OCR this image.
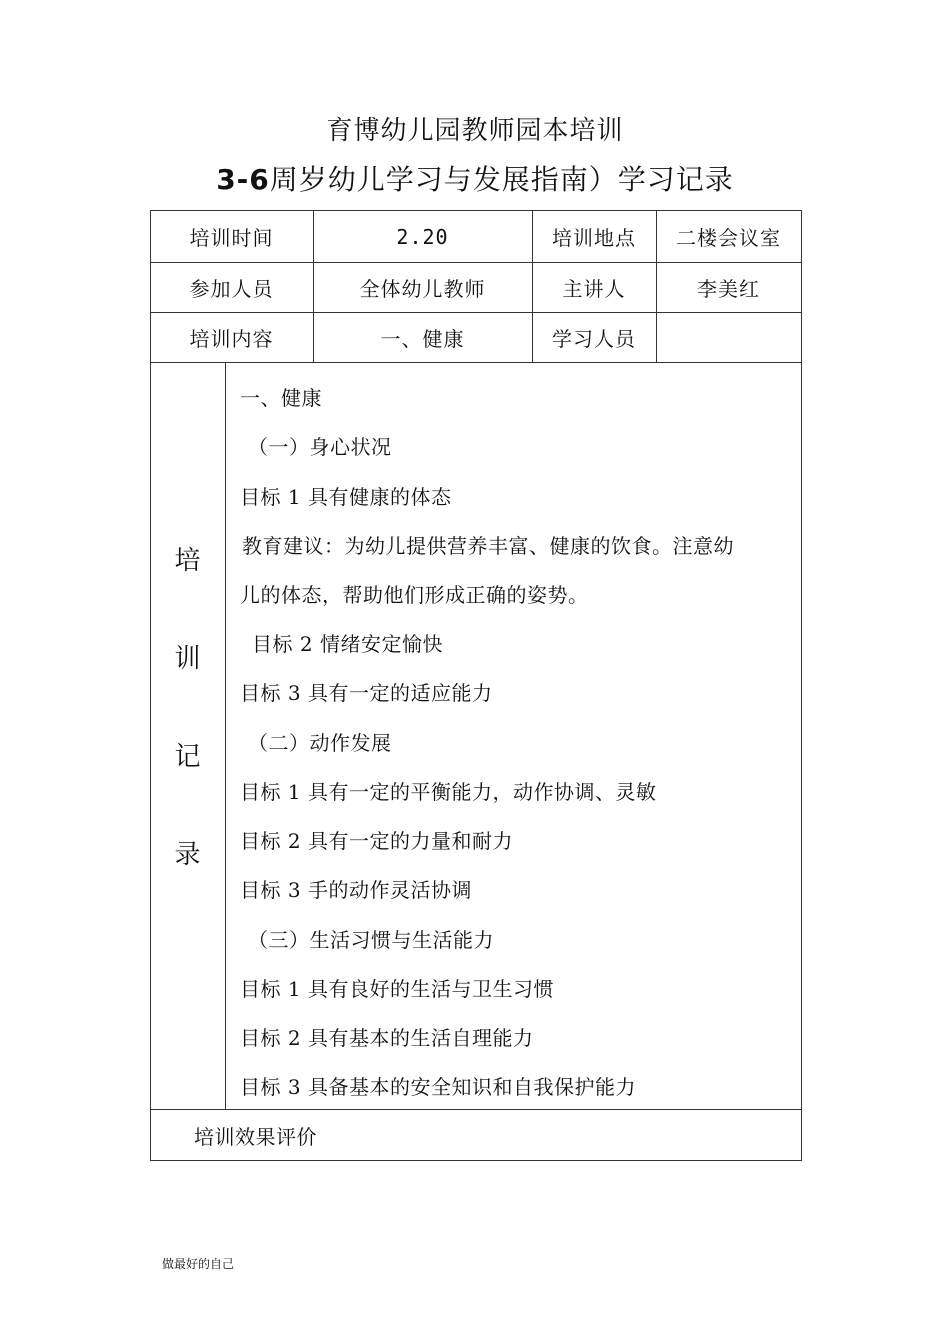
育博幼儿园教师园本培训
3-6周岁幼儿学习与发展指南）学习记录
培训时间	2.20	培训地点	二楼会议室
参加人员	全体幼儿教师	主讲人	李美红
培训内容	一、健康	学习人员
培
训
记
录
一、健康
（一）身心状况
目标 1 具有健康的体态
教育建议：为幼儿提供营养丰富、健康的饮食。注意幼
儿的体态，帮助他们形成正确的姿势。
目标 2 情绪安定愉快
目标 3 具有一定的适应能力
（二）动作发展
目标 1 具有一定的平衡能力，动作协调、灵敏
目标 2 具有一定的力量和耐力
目标 3 手的动作灵活协调
（三）生活习惯与生活能力
目标 1 具有良好的生活与卫生习惯
目标 2 具有基本的生活自理能力
目标 3 具备基本的安全知识和自我保护能力
培训效果评价
做最好的自己
